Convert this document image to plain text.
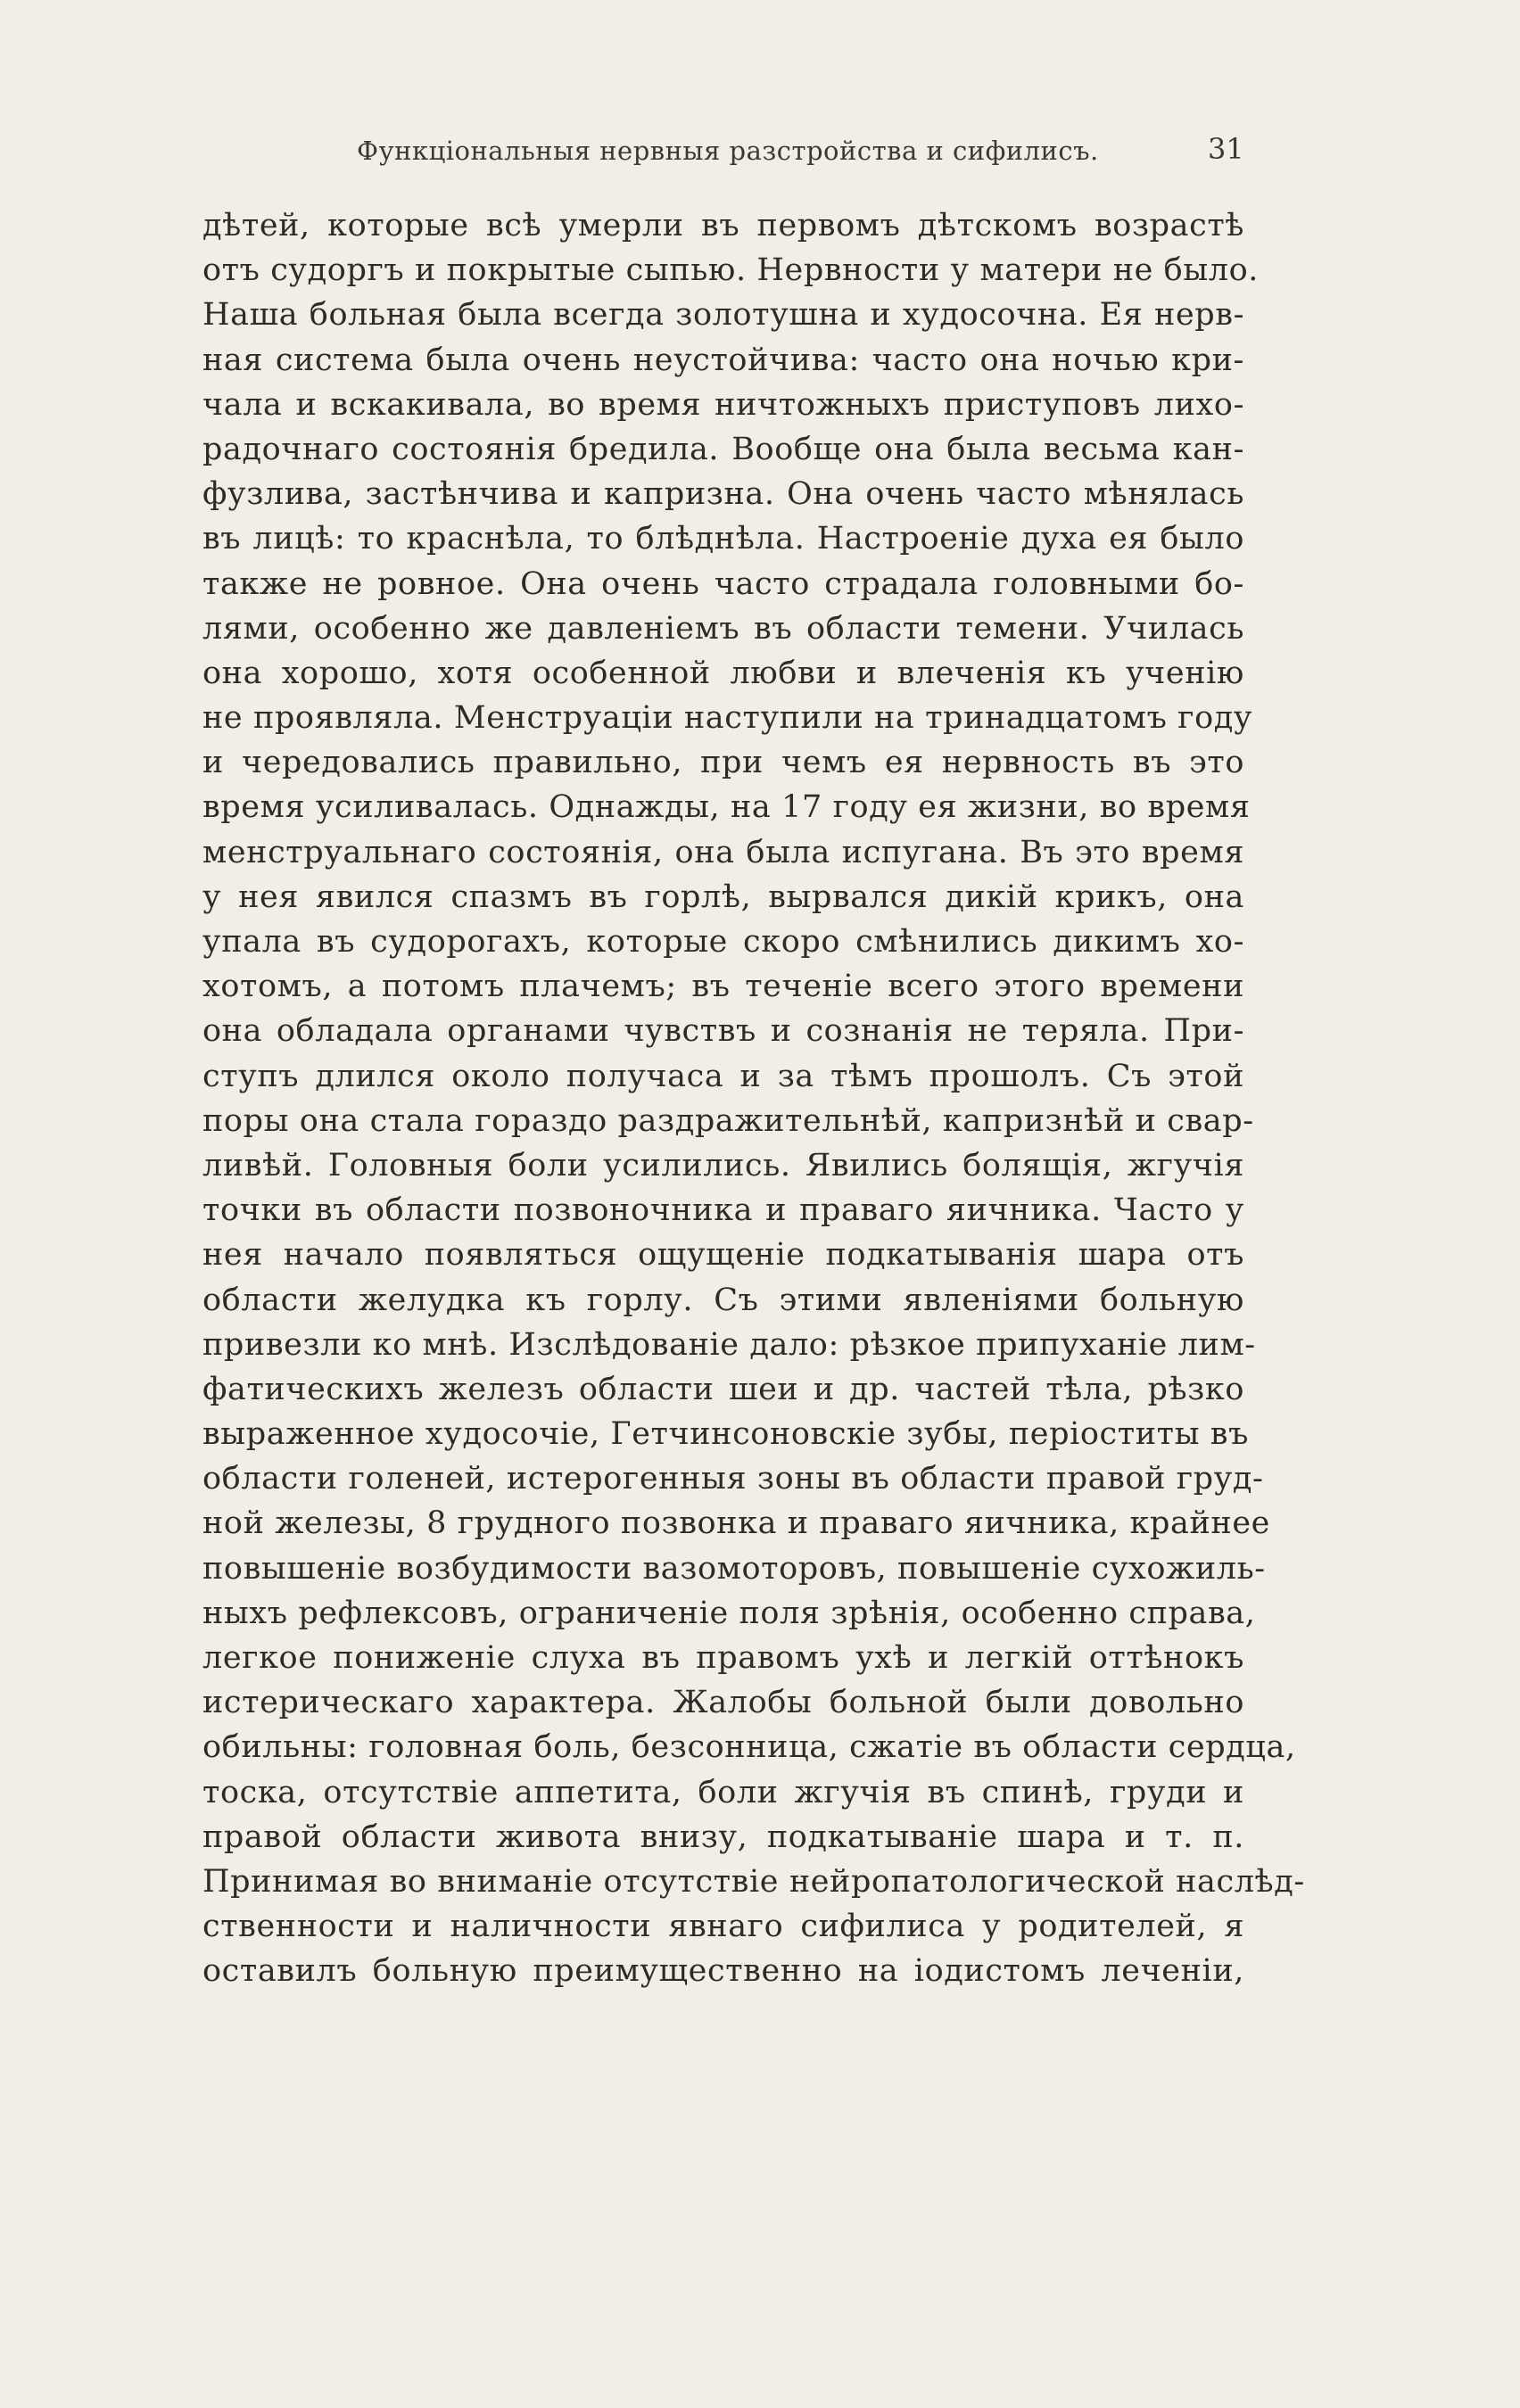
Функціональныя нервныя разстройства и сифилисъ.	31
дѣтей, которые всѣ умерли въ первомъ дѣтскомъ возрастѣ
отъ судоргъ и покрытые сыпью. Нервности у матери не было.
Наша больная была всегда золотушна и худосочна. Ея нерв-
ная система была очень неустойчива: часто она ночью кри-
чала и вскакивала, во время ничтожныхъ приступовъ лихо-
радочнаго состоянія бредила. Вообще она была весьма кан-
фузлива, застѣнчива и капризна. Она очень часто мѣнялась
въ лицѣ: то краснѣла, то блѣднѣла. Настроеніе духа ея было
также не ровное. Она очень часто страдала головными бо-
лями, особенно же давленіемъ въ области темени. Училась
она хорошо, хотя особенной любви и влеченія къ ученію
не проявляла. Менструаціи наступили на тринадцатомъ году
и чередовались правильно, при чемъ ея нервность въ это
время усиливалась. Однажды, на 17 году ея жизни, во время
менструальнаго состоянія, она была испугана. Въ это время
у нея явился спазмъ въ горлѣ, вырвался дикій крикъ, она
упала въ судорогахъ, которые скоро смѣнились дикимъ хо-
хотомъ, а потомъ плачемъ; въ теченіе всего этого времени
она обладала органами чувствъ и сознанія не теряла. При-
ступъ длился около получаса и за тѣмъ прошолъ. Съ этой
поры она стала гораздо раздражительнѣй, капризнѣй и свар-
ливѣй. Головныя боли усилились. Явились болящія, жгучія
точки въ области позвоночника и праваго яичника. Часто у
нея начало появляться ощущеніе подкатыванія шара отъ
области желудка къ горлу. Съ этими явленіями больную
привезли ко мнѣ. Изслѣдованіе дало: рѣзкое припуханіе лим-
фатическихъ железъ области шеи и др. частей тѣла, рѣзко
выраженное худосочіе, Гетчинсоновскіе зубы, періоститы въ
области голеней, истерогенныя зоны въ области правой груд-
ной железы, 8 грудного позвонка и праваго яичника, крайнее
повышеніе возбудимости вазомоторовъ, повышеніе сухожиль-
ныхъ рефлексовъ, ограниченіе поля зрѣнія, особенно справа,
легкое пониженіе слуха въ правомъ ухѣ и легкій оттѣнокъ
истерическаго характера. Жалобы больной были довольно
обильны: головная боль, безсонница, сжатіе въ области сердца,
тоска, отсутствіе аппетита, боли жгучія въ спинѣ, груди и
правой области живота внизу, подкатываніе шара и т. п.
Принимая во вниманіе отсутствіе нейропатологической наслѣд-
ственности и наличности явнаго сифилиса у родителей, я
оставилъ больную преимущественно на іодистомъ леченіи,
